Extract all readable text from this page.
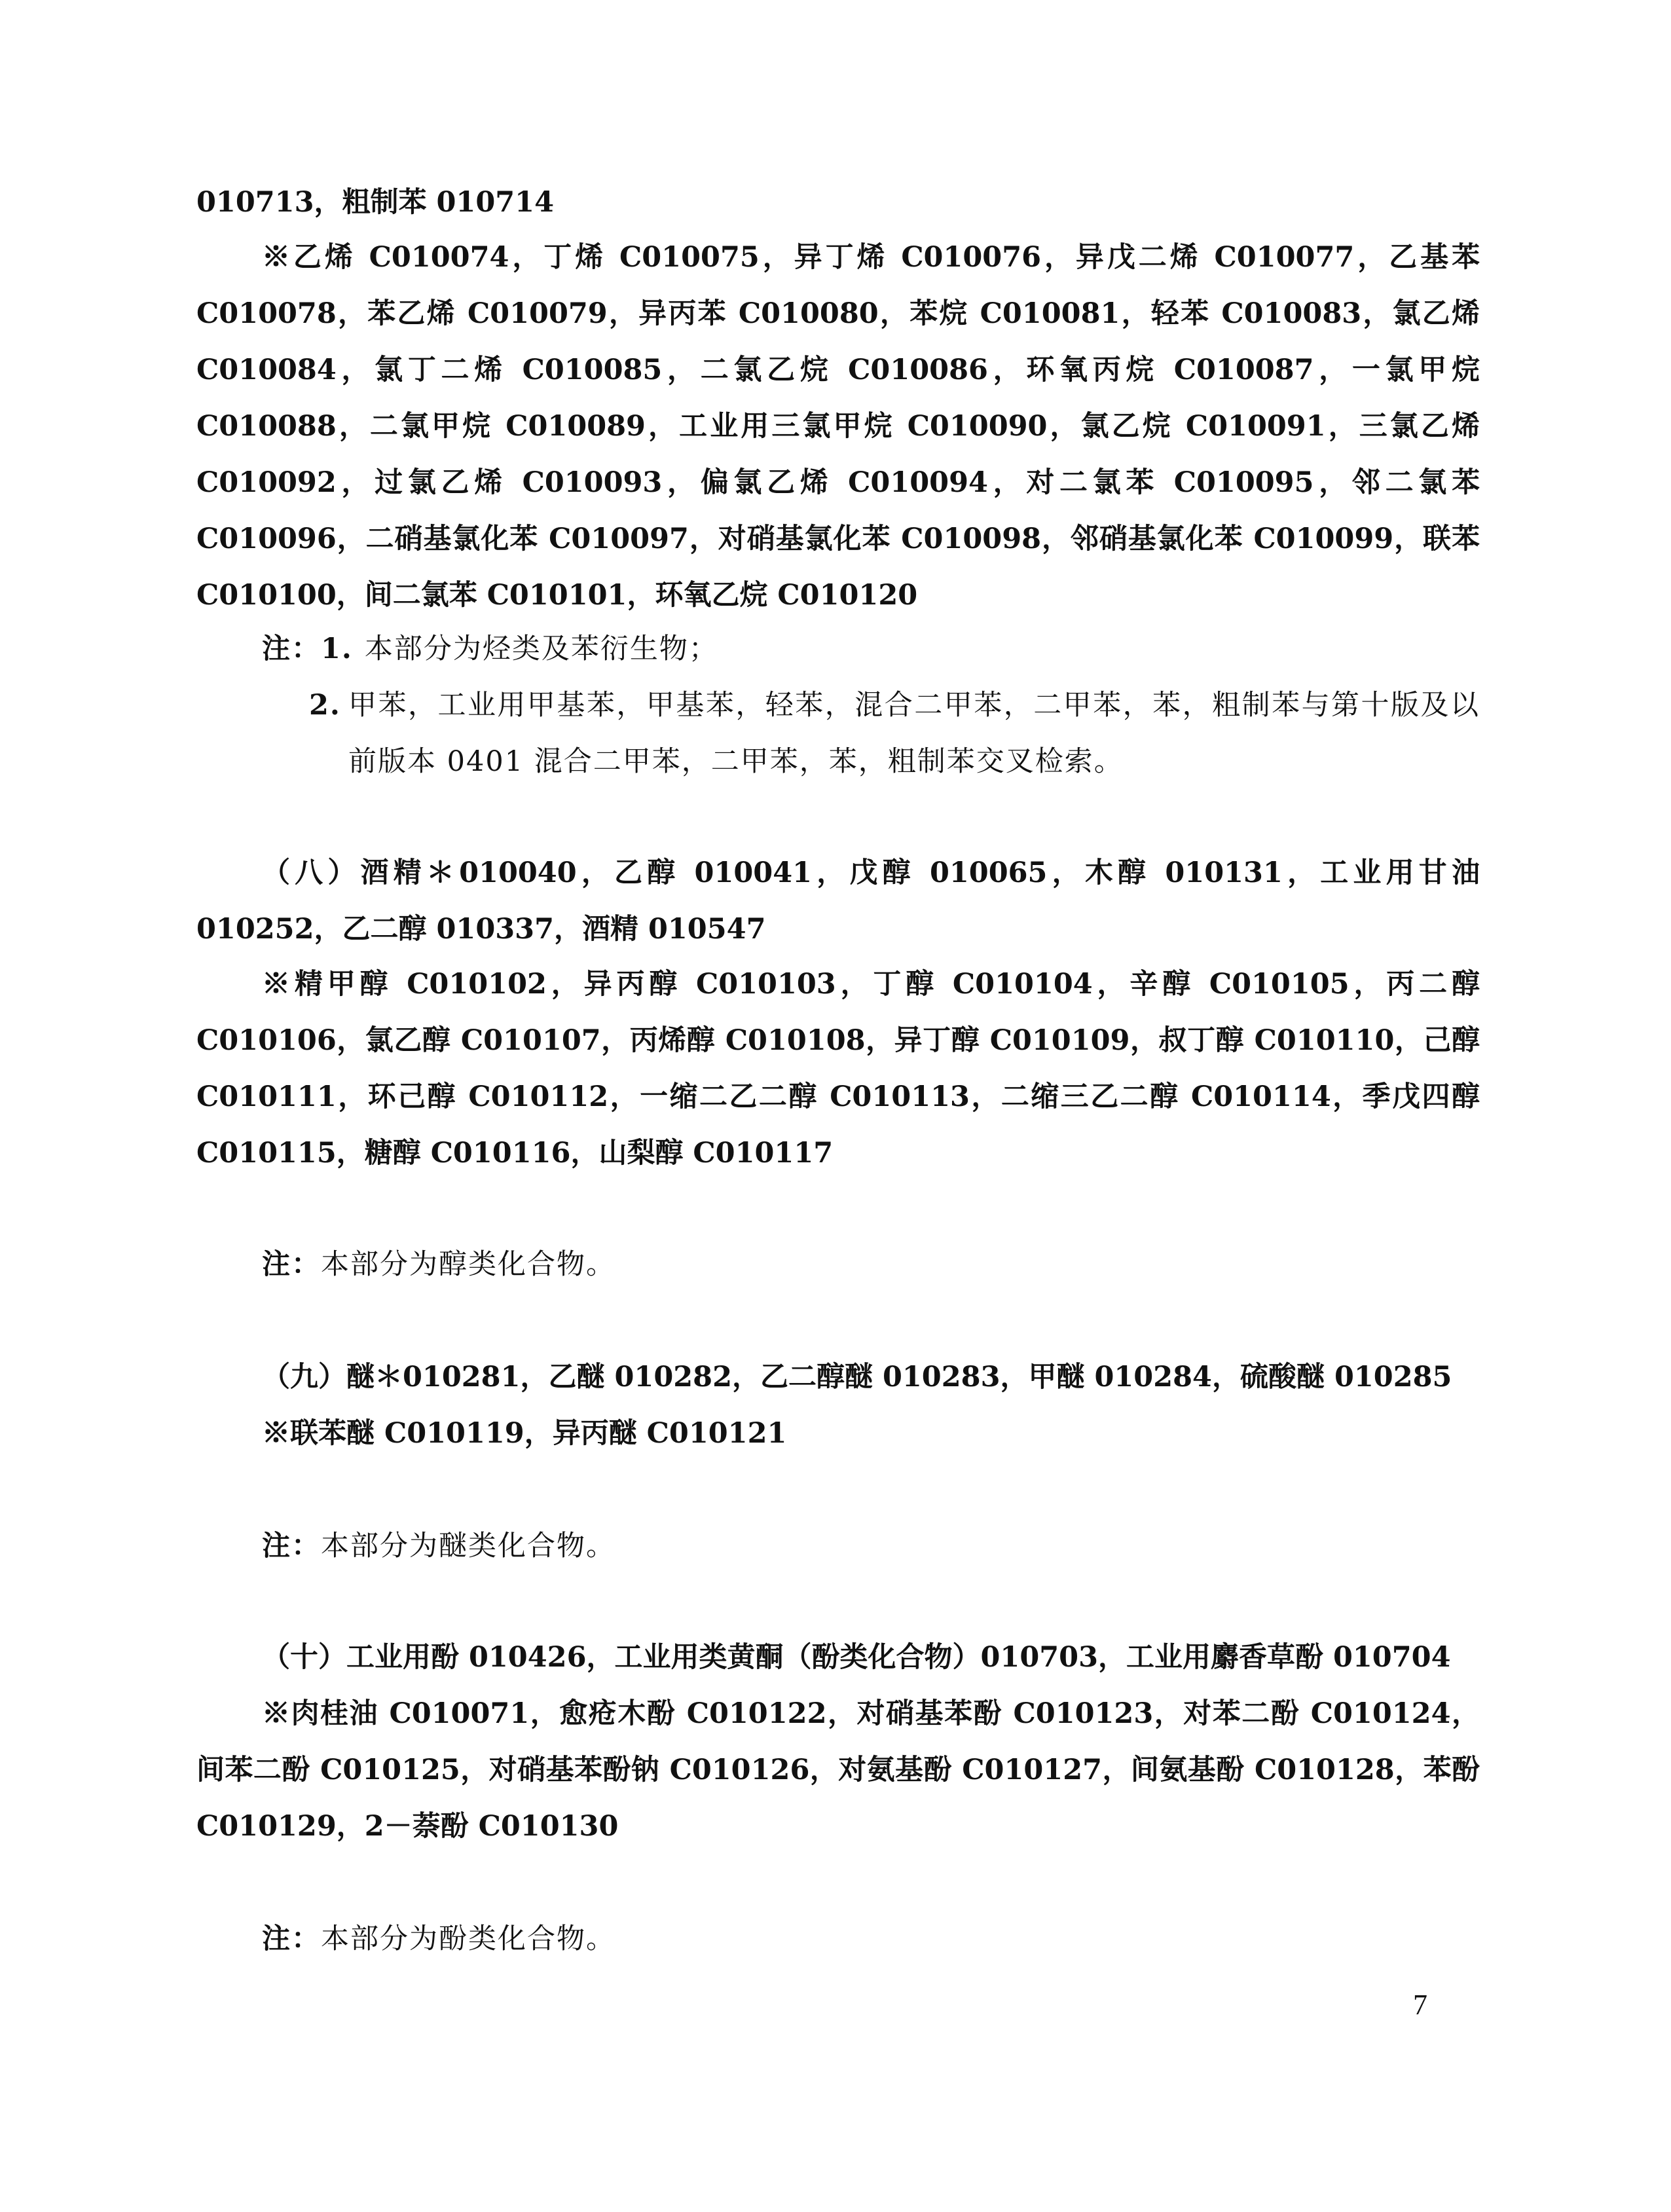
010713，粗制苯 010714

※乙烯 C010074，丁烯 C010075，异丁烯 C010076，异戊二烯 C010077，乙基苯 C010078，苯乙烯 C010079，异丙苯 C010080，苯烷 C010081，轻苯 C010083，氯乙烯 C010084，氯丁二烯 C010085，二氯乙烷 C010086，环氧丙烷 C010087，一氯甲烷 C010088，二氯甲烷 C010089，工业用三氯甲烷 C010090，氯乙烷 C010091，三氯乙烯 C010092，过氯乙烯 C010093，偏氯乙烯 C010094，对二氯苯 C010095，邻二氯苯 C010096，二硝基氯化苯 C010097，对硝基氯化苯 C010098，邻硝基氯化苯 C010099，联苯 C010100，间二氯苯 C010101，环氧乙烷 C010120

注： 1. 本部分为烃类及苯衍生物；
2. 甲苯，工业用甲基苯，甲基苯，轻苯，混合二甲苯，二甲苯，苯，粗制苯与第十版及以前版本 0401 混合二甲苯，二甲苯，苯，粗制苯交叉检索。

（八）酒精＊010040，乙醇 010041，戊醇 010065，木醇 010131，工业用甘油 010252，乙二醇 010337，酒精 010547

※精甲醇 C010102，异丙醇 C010103，丁醇 C010104，辛醇 C010105，丙二醇 C010106，氯乙醇 C010107，丙烯醇 C010108，异丁醇 C010109，叔丁醇 C010110，己醇 C010111，环己醇 C010112，一缩二乙二醇 C010113，二缩三乙二醇 C010114，季戊四醇 C010115，糖醇 C010116，山梨醇 C010117

注：本部分为醇类化合物。

（九）醚＊010281，乙醚 010282，乙二醇醚 010283，甲醚 010284，硫酸醚 010285

※联苯醚 C010119，异丙醚 C010121

注：本部分为醚类化合物。

（十）工业用酚 010426，工业用类黄酮（酚类化合物）010703，工业用麝香草酚 010704

※肉桂油 C010071，愈疮木酚 C010122，对硝基苯酚 C010123，对苯二酚 C010124，间苯二酚 C010125，对硝基苯酚钠 C010126，对氨基酚 C010127，间氨基酚 C010128，苯酚 C010129，2－萘酚 C010130

注：本部分为酚类化合物。

7
